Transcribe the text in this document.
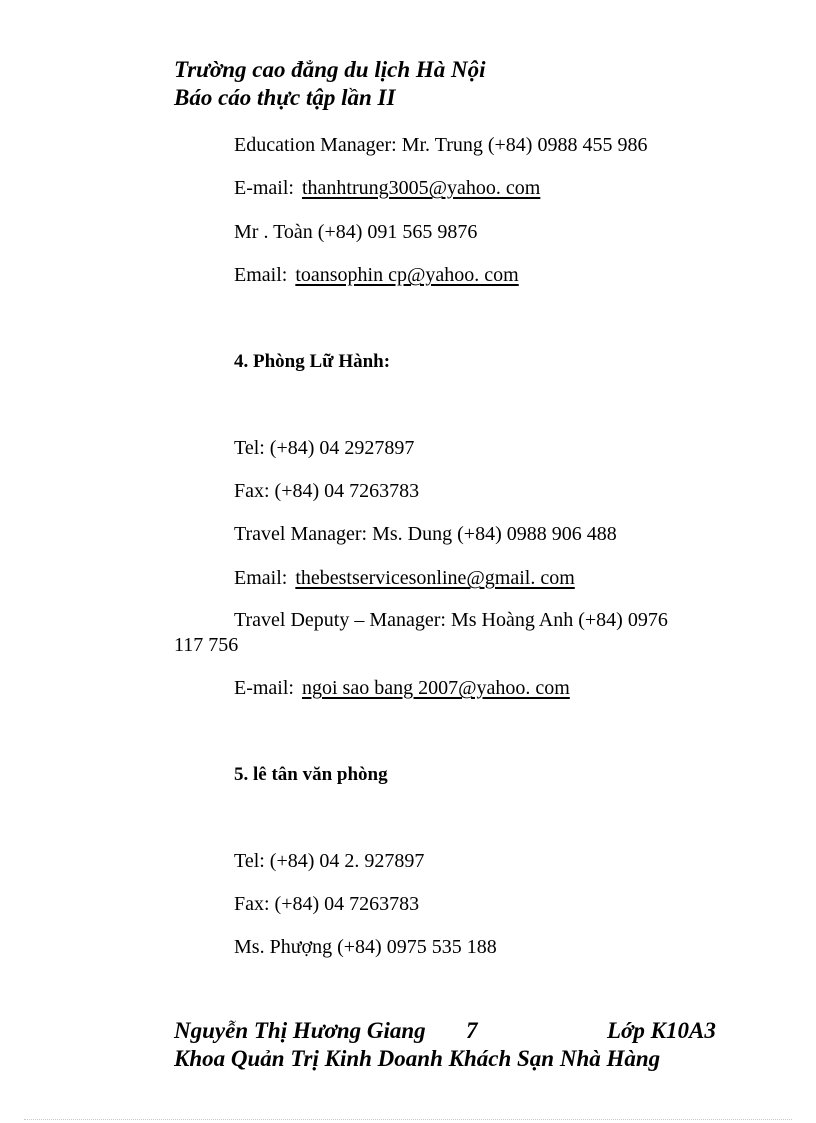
Trường cao đẳng du lịch Hà Nội
Báo cáo thực tập lần II
Education Manager: Mr. Trung (+84) 0988 455 986
E-mail: thanhtrung3005@yahoo. com
Mr . Toàn (+84) 091 565 9876
Email: toansophin cp@yahoo. com
4. Phòng Lữ Hành:
Tel: (+84) 04 2927897
Fax: (+84) 04 7263783
Travel Manager: Ms. Dung (+84) 0988 906 488
Email: thebestservicesonline@gmail. com
Travel Deputy – Manager: Ms Hoàng Anh (+84) 0976
117 756
E-mail: ngoi sao bang 2007@yahoo. com
5. lê tân văn phòng
Tel: (+84) 04 2. 927897
Fax: (+84) 04 7263783
Ms. Phượng (+84) 0975 535 188
Nguyễn Thị Hương Giang 7	Lớp K10A3
Khoa Quản Trị Kinh Doanh Khách Sạn Nhà Hàng
